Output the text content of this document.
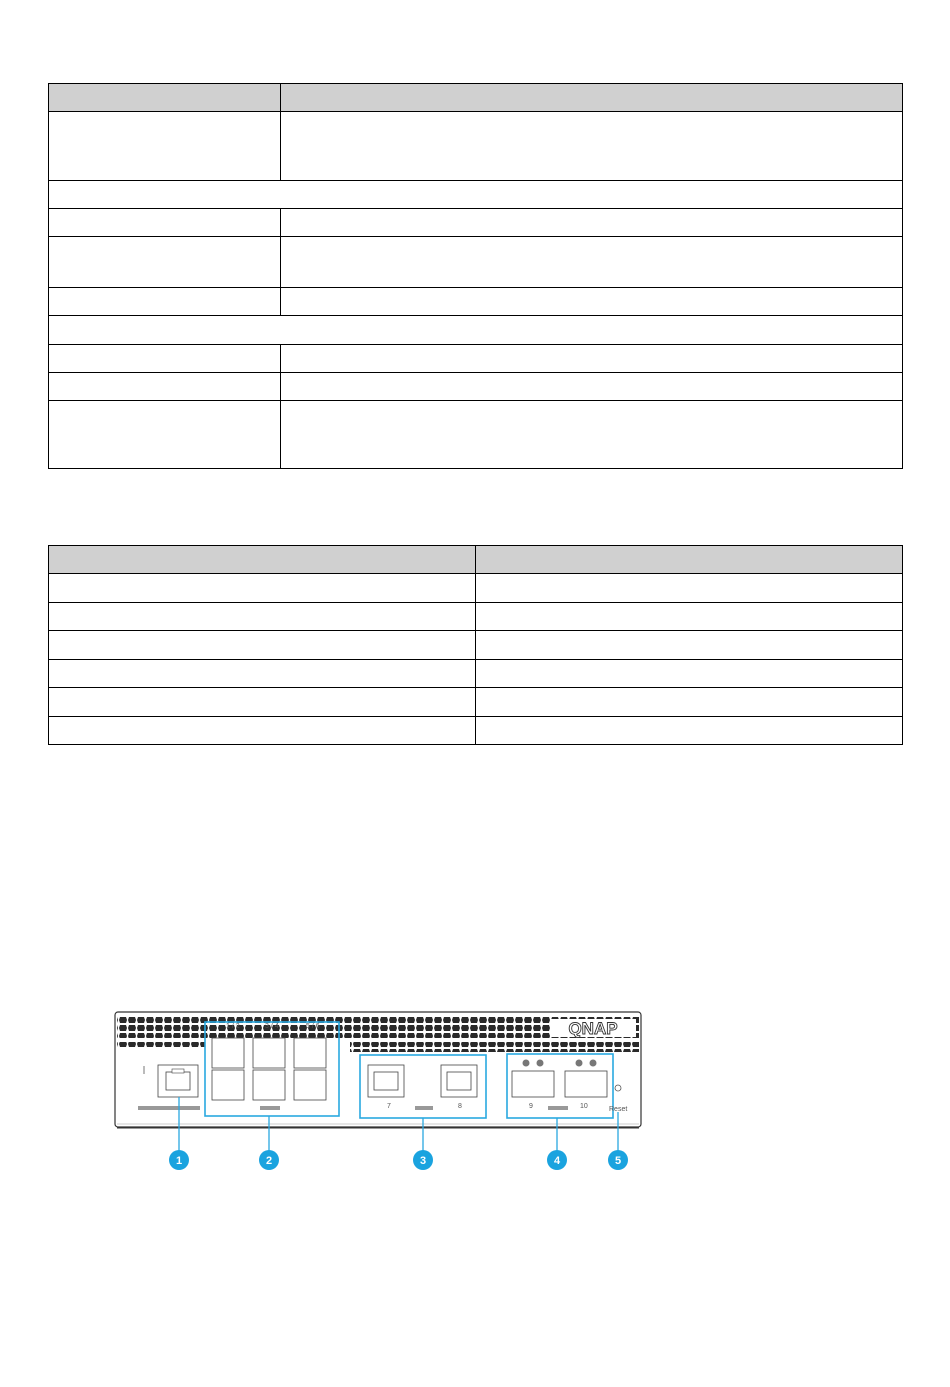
QNAP
1 / 2	3 / 4	5 / 6
7	8	9	10	Reset
1	2	3	4	5
